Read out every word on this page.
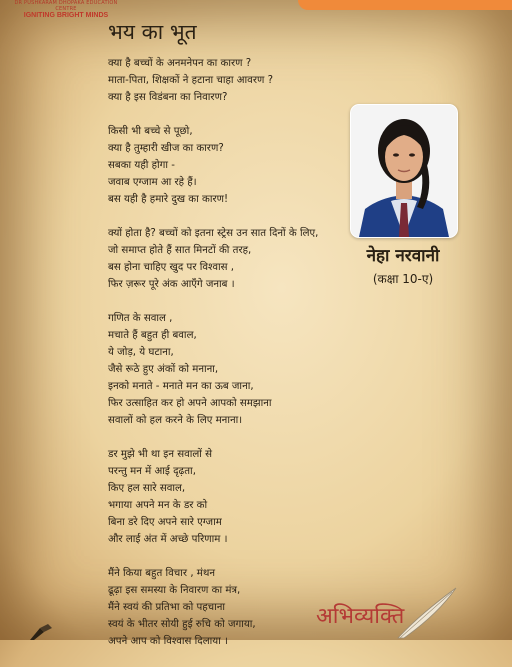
DR PUSHKARAM DHOPAKA EDUCATION CENTRE
IGNITING BRIGHT MINDS
भय का भूत
क्या है बच्चों के अनमनेपन का कारण ?
माता-पिता, शिक्षकों ने हटाना चाहा आवरण ?
क्या है इस विडंबना का निवारण?
किसी भी बच्चे से पूछो,
क्या है तुम्हारी खीज का कारण?
सबका यही होगा -
जवाब एग्जाम आ रहे हैं।
बस यही है हमारे दुख का कारण!
क्यों होता है? बच्चों को इतना स्ट्रेस उन सात दिनों के लिए,
जो समाप्त होते हैं सात मिनटों की तरह,
बस होना चाहिए खुद पर विश्वास ,
फिर ज़रूर पूरे अंक आएँगे जनाब ।
गणित के सवाल ,
मचाते हैं बहुत ही बवाल,
ये जोड़, ये घटाना,
जैसे रूठे हुए अंकों को मनाना,
इनको मनाते - मनाते मन का ऊब जाना,
फिर उत्साहित कर हो अपने आपको समझाना
सवालों को हल करने के लिए मनाना।
डर मुझे भी था इन सवालों से
परन्तु मन में आई दृढ़ता,
किए हल सारे सवाल,
भगाया अपने मन के डर को
बिना डरे दिए अपने सारे एग्जाम
और लाई अंत में अच्छे परिणाम ।
मैंने किया बहुत विचार , मंथन
ढूढ़ा इस समस्या के निवारण का मंत्र,
मैंने स्वयं की प्रतिभा को पहचाना
स्वयं के भीतर सोयी हुई रुचि को जगाया,
अपने आप को विश्वास दिलाया ।
नेहा नरवानी
(कक्षा 10-ए)
अभिव्यक्ति
